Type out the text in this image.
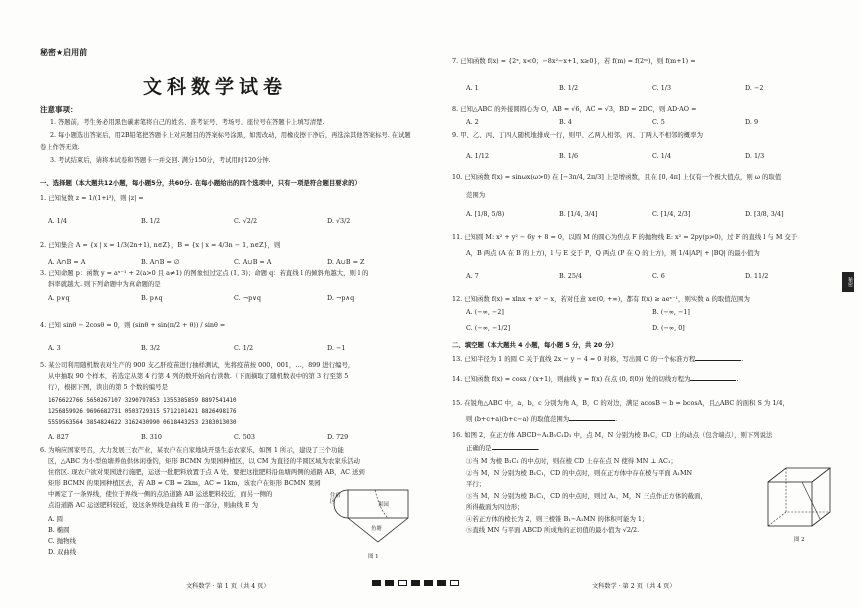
秘密★启用前
文科数学试卷
注意事项：

1. 答题前，考生务必用黑色碳素笔将自己的姓名、准考证号、考场号、座位号在答题卡上填写清楚.

2. 每小题选出答案后，用2B铅笔把答题卡上对应题目的答案标号涂黑，如需改动，用橡皮擦干净后，再选涂其他答案标号. 在试题卷上作答无效.

3. 考试结束后，请将本试卷和答题卡一并交回. 满分150分，考试用时120分钟.

一、选择题（本大题共12小题，每小题5分，共60分. 在每小题给出的四个选项中，只有一项是符合题目要求的）
1. 已知复数 z = 1/(1+i³)，则 |z| =
A. 1/4	B. 1/2	C. √2/2	D. √3/2
2. 已知集合 A = {x | x = 1/3(2n+1), n∈Z}，B = {x | x = 4/3n − 1, n∈Z}，则
A. A∩B = A	B. A∩B = ∅	C. A∪B = A	D. A∪B = Z
3. 已知命题 p：函数 y = aˣ⁻¹ + 2(a>0 且 a≠1) 的图象恒过定点 (1, 3)；命题 q：若直线 l 的倾斜角越大，则 l 的
斜率就越大. 则下列命题中为真命题的是
A. p∨q	B. p∧q	C. ¬p∨q	D. ¬p∧q
4. 已知 sinθ − 2cosθ = 0，则 (sinθ + sin(π/2 + θ)) / sinθ =
A. 3	B. 3/2	C. 1/2	D. −1
5. 某公司利用随机数表对生产的 900 支乙肝疫苗进行抽样测试，先将疫苗按 000，001，…，899 进行编号，
从中抽取 90 个样本，若选定从第 4 行第 4 列的数开始向右读数.（下面摘取了随机数表中的第 3 行至第 5
行），根据下图，读出的第 5 个数的编号是
1676622766 5650267107 3290797853 1355385859 8897541410
1256859926 9696682731 0503729315 5712101421 8826498176
5559563564 3854824622 3162430990 0618443253 2383013030
A. 827	B. 310	C. 503	D. 729
6. 为响应国家号召，大力发展三农产业，某农户在自家地块开垦生态农家乐，如图 1 所示，建设了三个功能
区，△ABC 为小型鱼塘养鱼供休闲垂钓，矩形 BCMN 为果园种植区，以 CM 为直径的半圆区域为农家乐活动
住宿区. 现农户欲对果园进行施肥，运送一批肥料放置于点 A 处，要把这批肥料沿鱼塘两侧的道路 AB，AC 送到
矩形 BCMN 的果园种植区去，若 AB = CB = 2km，AC = 1km，该农户在矩形 BCMN 果园
中画定了一条界线，使位于界线一侧的点沿道路 AB 运送肥料较近，而另一侧的
点沿道路 AC 运送肥料较近，设这条界线是曲线 E 的一部分，则曲线 E 为
A. 圆
B. 椭圆
C. 抛物线
D. 双曲线
住宿区	果园
鱼塘
图 1
文科数学 · 第 1 页（共 4 页）
7. 已知函数 f(x) = {2ˣ, x<0；−8x²−x+1, x≥0}，若 f(m) = f(2ᵐ)，则 f(m+1) =
A. 1	B. 1/2	C. 1/3	D. −2
8. 已知△ABC 的外接圆圆心为 O，AB = √6，AC = √3，BD = 2DC，则 AD·AO =
A. 2	B. 4	C. 5	D. 9
9. 甲、乙、丙、丁四人随机地排成一行，则甲、乙两人相邻，丙、丁两人不相邻的概率为
A. 1/12	B. 1/6	C. 1/4	D. 1/3
10. 已知函数 f(x) = sinωx(ω>0) 在 [−3π/4, 2π/3] 上是增函数，且在 [0, 4π] 上仅有一个极大值点，则 ω 的取值
范围为
A. [1/8, 5/8)	B. [1/4, 3/4]	C. [1/4, 2/3]	D. [3/8, 3/4]
11. 已知圆 M: x² + y² − 6y + 8 = 0，以圆 M 的圆心为焦点 F 的抛物线 E: x² = 2py(p>0)，过 F 的直线 l 与 M 交于
A，B 两点 (A 在 B 的上方)，l 与 E 交于 P，Q 两点 (P 在 Q 的上方)，则 1/4|AP| + |BQ| 的最小值为
A. 7	B. 25/4	C. 6	D. 11/2
12. 已知函数 f(x) = xlnx + x² − x，若对任意 x∈(0, +∞)，都有 f(x) ≥ aeˣ⁻¹，则实数 a 的取值范围为
A. (−∞, −2]	B. (−∞, −1]
C. (−∞, −1/2]	D. (−∞, 0]
二、填空题（本大题共 4 小题，每小题 5 分，共 20 分）
13. 已知半径为 1 的圆 C 关于直线 2x − y − 4 = 0 对称，写出圆 C 的一个标准方程	.
14. 已知函数 f(x) = cosx / (x+1)，则曲线 y = f(x) 在点 (0, f(0)) 处的切线方程为	.
15. 在锐角△ABC 中，a，b，c 分别为角 A，B，C 的对边，满足 acosB − b = bcosA，且△ABC 的面积 S 为 1/4，
则 (b+c+a)(b+c−a) 的取值范围为	.
16. 如图 2，在正方体 ABCD−A₁B₁C₁D₁ 中，点 M，N 分别为棱 B₁C，CD 上的动点（包含端点），则下列说法
正确的是	.
①当 M 为棱 B₁C₁ 的中点时，则在棱 CD 上存在点 N 使得 MN ⊥ AC₁；
②当 M，N 分别为棱 B₁C₁，CD 的中点时，则在正方体中存在棱与平面 A₁MN
平行；
③当 M，N 分别为棱 B₁C₁，CD 的中点时，则过 A₁，M，N 三点作正方体的截面，
所得截面为四边形；
④若正方体的棱长为 2，则三棱锥 B₁−A₁MN 的体积可能为 1；
⑤直线 MN 与平面 ABCD 所成角的正切值的最小值为 √2/2.
图 2
文科数学 · 第 2 页（共 4 页）
秘密
